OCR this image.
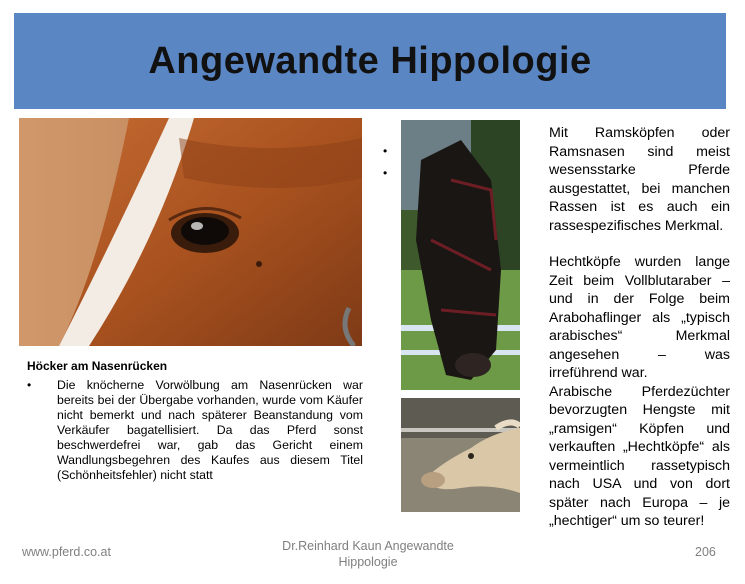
Angewandte Hippologie
Höcker am Nasenrücken
•	Die knöcherne Vorwölbung am Nasenrücken war bereits bei der Übergabe vorhanden, wurde vom Käufer nicht bemerkt und nach späterer Beanstandung vom Verkäufer bagatellisiert. Da das Pferd sonst beschwerdefrei war, gab das Gericht einem Wandlungsbegehren des Kaufes aus diesem Titel (Schönheitsfehler) nicht statt
•
•

Mit Ramsköpfen oder Ramsnasen sind meist wesensstarke Pferde ausgestattet, bei manchen Rassen ist es auch ein rassespezifisches Merkmal.

Hechtköpfe wurden lange Zeit beim Vollblutaraber – und in der Folge beim Arabohaflinger als „typisch arabisches“ Merkmal angesehen – was irreführend war.

Arabische Pferdezüchter bevorzugten Hengste mit „ramsigen“ Köpfen und verkauften „Hechtköpfe“ als vermeintlich rassetypisch nach USA und von dort später nach Europa – je „hechtiger“ um so teurer!

www.pferd.co.at	Dr.Reinhard Kaun Angewandte
Hippologie
206
